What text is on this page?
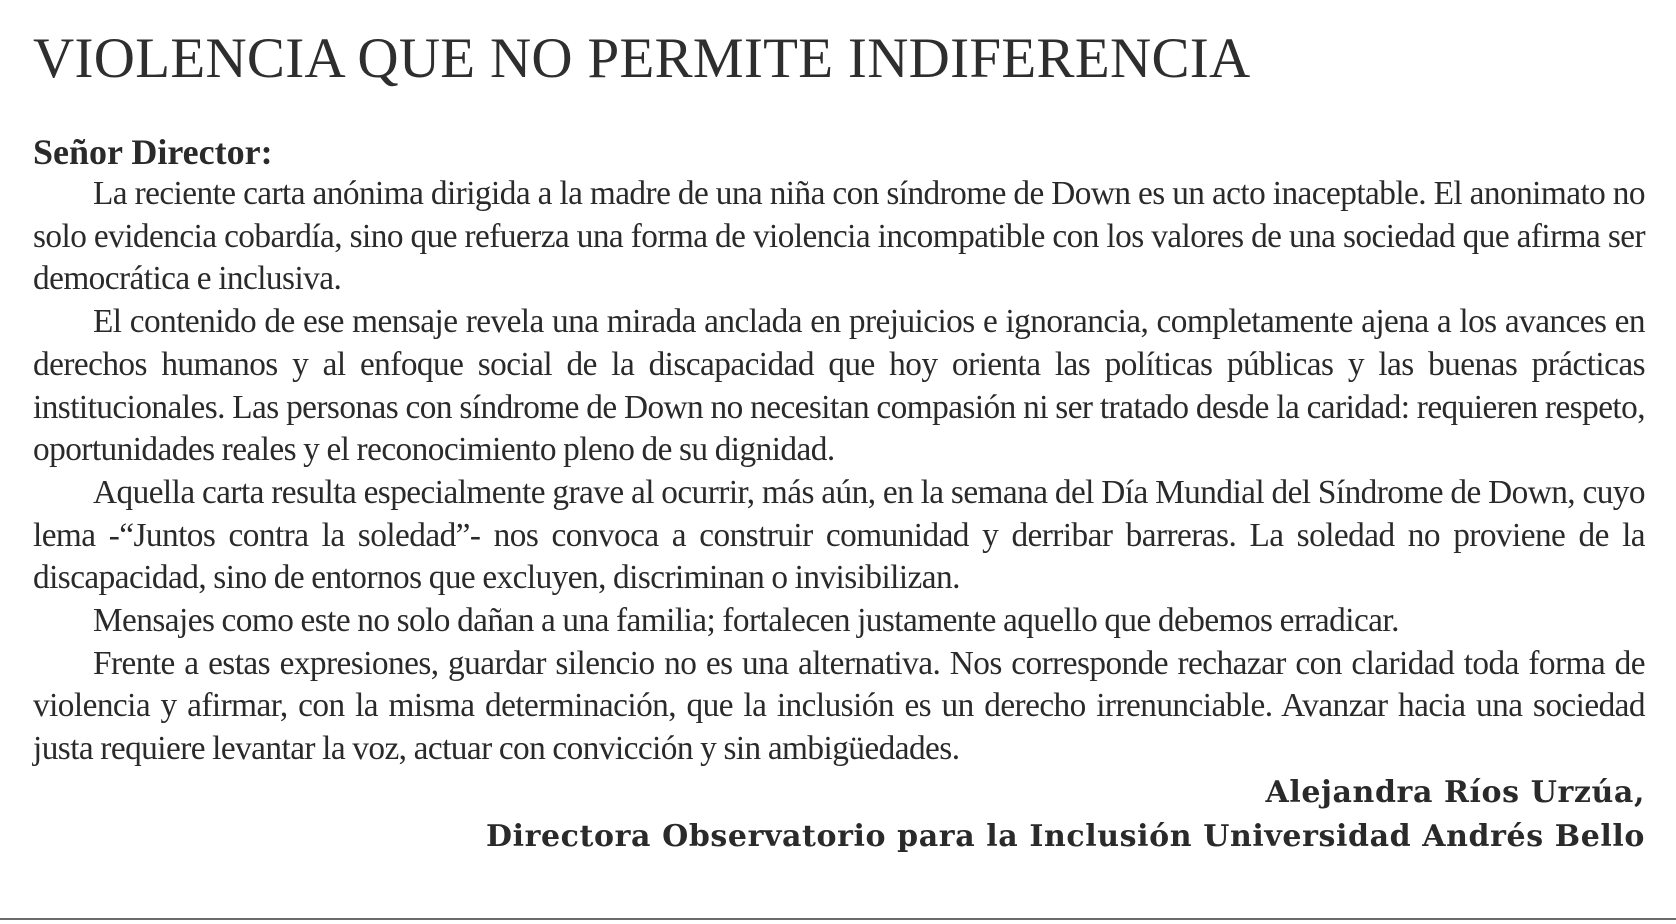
VIOLENCIA QUE NO PERMITE INDIFERENCIA
Señor Director:

La reciente carta anónima dirigida a la madre de una niña con síndrome de Down es un acto inaceptable. El anonimato no solo evidencia cobardía, sino que refuerza una forma de violencia incompatible con los valores de una sociedad que afirma ser democrática e inclusiva.

El contenido de ese mensaje revela una mirada anclada en prejuicios e ignorancia, completamente ajena a los avances en derechos humanos y al enfoque social de la discapacidad que hoy orienta las políticas públicas y las buenas prácticas institucionales. Las personas con síndrome de Down no necesitan compasión ni ser tratado desde la caridad: requieren respeto, oportunidades reales y el reconocimiento pleno de su dignidad.

Aquella carta resulta especialmente grave al ocurrir, más aún, en la semana del Día Mundial del Síndrome de Down, cuyo lema -“Juntos contra la soledad”- nos convoca a construir comunidad y derribar barreras. La soledad no proviene de la discapacidad, sino de entornos que excluyen, discriminan o invisibilizan.

Mensajes como este no solo dañan a una familia; fortalecen justamente aquello que debemos erradicar.

Frente a estas expresiones, guardar silencio no es una alternativa. Nos corresponde rechazar con claridad toda forma de violencia y afirmar, con la misma determinación, que la inclusión es un derecho irrenunciable. Avanzar hacia una sociedad justa requiere levantar la voz, actuar con convicción y sin ambigüedades.

Alejandra Ríos Urzúa,
Directora Observatorio para la Inclusión Universidad Andrés Bello
